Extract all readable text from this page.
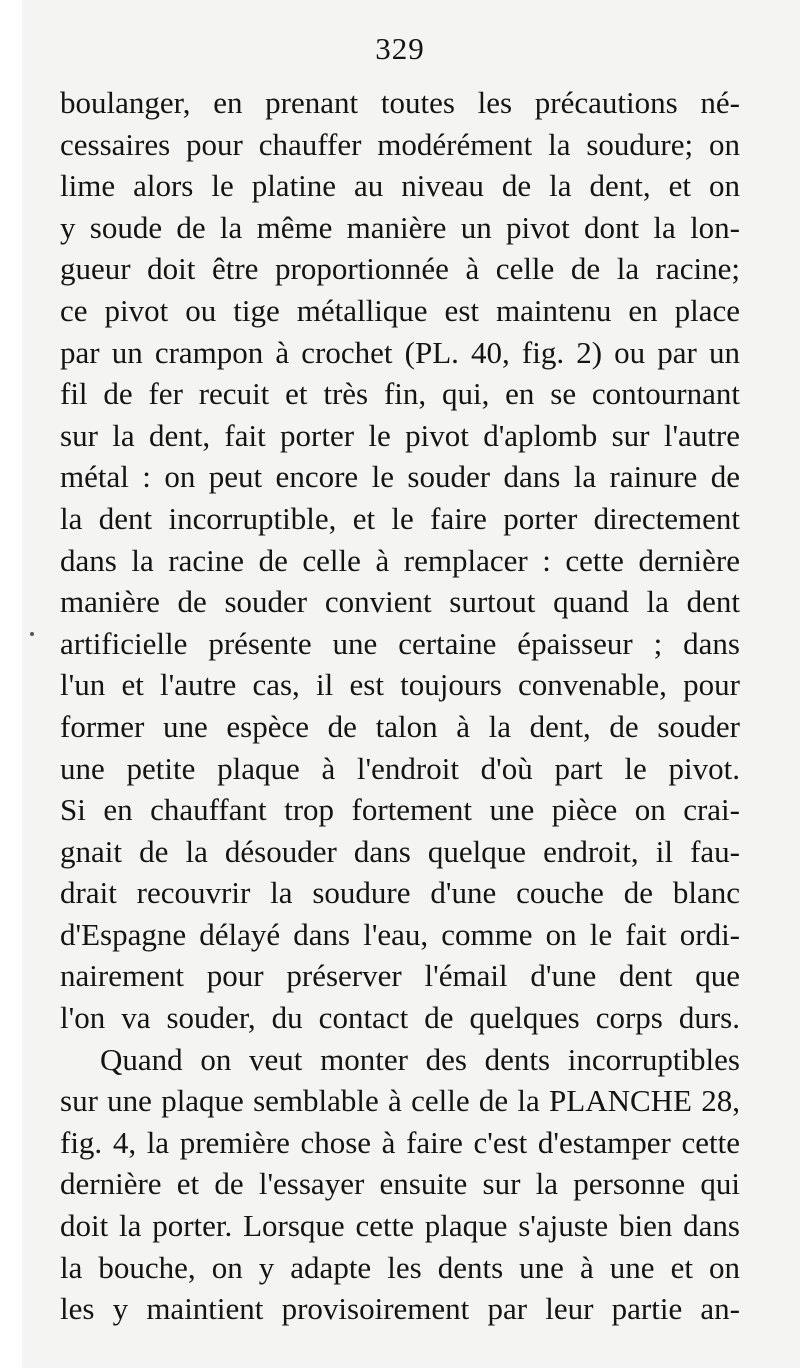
329
boulanger, en prenant toutes les précautions né-
cessaires pour chauffer modérément la soudure; on
lime alors le platine au niveau de la dent, et on
y soude de la même manière un pivot dont la lon-
gueur doit être proportionnée à celle de la racine;
ce pivot ou tige métallique est maintenu en place
par un crampon à crochet (PL. 40, fig. 2) ou par un
fil de fer recuit et très fin, qui, en se contournant
sur la dent, fait porter le pivot d'aplomb sur l'autre
métal : on peut encore le souder dans la rainure de
la dent incorruptible, et le faire porter directement
dans la racine de celle à remplacer : cette dernière
manière de souder convient surtout quand la dent
artificielle présente une certaine épaisseur ; dans
l'un et l'autre cas, il est toujours convenable, pour
former une espèce de talon à la dent, de souder
une petite plaque à l'endroit d'où part le pivot.
Si en chauffant trop fortement une pièce on crai-
gnait de la désouder dans quelque endroit, il fau-
drait recouvrir la soudure d'une couche de blanc
d'Espagne délayé dans l'eau, comme on le fait ordi-
nairement pour préserver l'émail d'une dent que
l'on va souder, du contact de quelques corps durs.
Quand on veut monter des dents incorruptibles
sur une plaque semblable à celle de la PLANCHE 28,
fig. 4, la première chose à faire c'est d'estamper cette
dernière et de l'essayer ensuite sur la personne qui
doit la porter. Lorsque cette plaque s'ajuste bien dans
la bouche, on y adapte les dents une à une et on
les y maintient provisoirement par leur partie an-
